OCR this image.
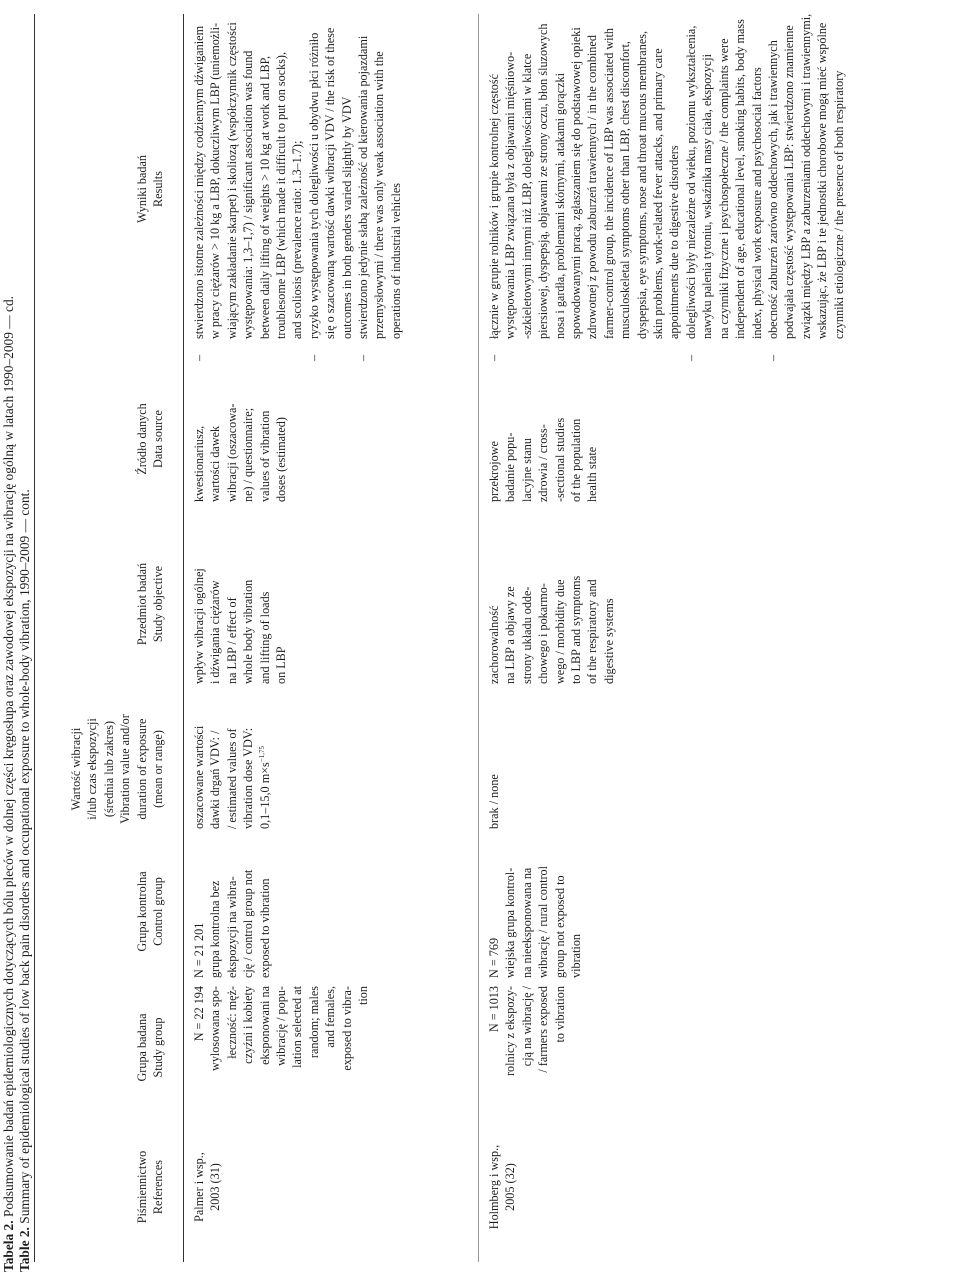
Tabela 2. Podsumowanie badań epidemiologicznych dotyczących bólu pleców w dolnej części kręgosłupa oraz zawodowej ekspozycji na wibrację ogólną w latach 1990–2009 — cd.
Table 2. Summary of epidemiological studies of low back pain disorders and occupational exposure to whole-body vibration, 1990–2009 — cont.	Piśmiennictwo References
Grupa badana Study group
Grupa kontrolna Control group
Wartość wibracji i/lub czas ekspozycji (średnia lub zakres) Vibration value and/or duration of exposure (mean or range)
Przedmiot badań Study objective
Źródło danych Data source
Wyniki badań Results
Palmer i wsp., 2003 (31)
N = 22 194 wylosowana spo- łeczność: męż- czyźni i kobiety eksponowani na wibrację / popu- lation selected at random; males and females, exposed to vibra- tion
N = 21 201 grupa kontrolna bez ekspozycji na wibra- cję / control group not exposed to vibration
oszacowane wartości dawki drgań VDV: / / estimated values of vibration dose VDV: 0,1–15,0 $m\times s^{-1,75}$
wpływ wibracji ogólnej i dźwigania ciężarów na LBP / effect of whole body vibration and lifting of loads on LBP
kwestionariusz, wartości dawek wibracji (oszacowa- ne) / questionnaire; values of vibration doses (estimated)
– stwierdzono istotne zależności między codziennym dźwiganiem w pracy ciężarów > 10 kg a LBP, dokuczliwym LBP (uniemożli- wiającym zakładanie skarpet) i skoliozą (współczynnik częstości występowania: 1,3–1,7) / significant association was found between daily lifting of weights > 10 kg at work and LBP, troublesome LBP (which made it difficult to put on socks), and scoliosis (prevalence ratio: 1.3–1.7); – ryzyko występowania tych dolegliwości u obydwu płci różniło się o szacowaną wartość dawki wibracji VDV / the risk of these outcomes in both genders varied slightly by VDV – stwierdzono jedynie słabą zależność od kierowania pojazdami przemysłowymi / there was only weak association with the operations of industrial vehicles
Holmberg i wsp., 2005 (32)
N = 1013 rolnicy z ekspozy- cją na wibrację / / farmers exposed to vibration
N = 769 wiejska grupa kontrol- na nieeksponowana na wibrację / rural control group not exposed to vibration
brak / none
zachorowalność na LBP a objawy ze strony układu odde- chowego i pokarmo- wego / morbidity due to LBP and symptoms of the respiratory and digestive systems
przekrojowe badanie popu- lacyjne stanu zdrowia / cross- -sectional studies of the population health state
– łącznie w grupie rolników i grupie kontrolnej częstość występowania LBP związana była z objawami mięśniowo- -szkieletowymi innymi niż LBP, dolegliwościami w klatce piersiowej, dyspepsją, objawami ze strony oczu, błon śluzowych nosa i gardła, problemami skórnymi, atakami gorączki spowodowanymi pracą, zgłaszaniem się do podstawowej opieki zdrowotnej z powodu zaburzeń trawiennych / in the combined farmer-control group, the incidence of LBP was associated with musculoskeletal symptoms other than LBP, chest discomfort, dyspepsia, eye symptoms, nose and throat mucous membranes, skin problems, work-related fever attacks, and primary care appointments due to digestive disorders – dolegliwości były niezależne od wieku, poziomu wykształcenia, nawyku palenia tytoniu, wskaźnika masy ciała, ekspozycji na czynniki fizyczne i psychospołeczne / the complaints were independent of age, educational level, smoking habits, body mass index, physical work exposure and psychosocial factors – obecność zaburzeń zarówno oddechowych, jak i trawiennych podwajała częstość występowania LBP: stwierdzono znamienne związki między LBP a zaburzeniami oddechowymi i trawiennymi, wskazując, że LBP i te jednostki chorobowe mogą mieć wspólne czynniki etiologiczne / the presence of both respiratory
